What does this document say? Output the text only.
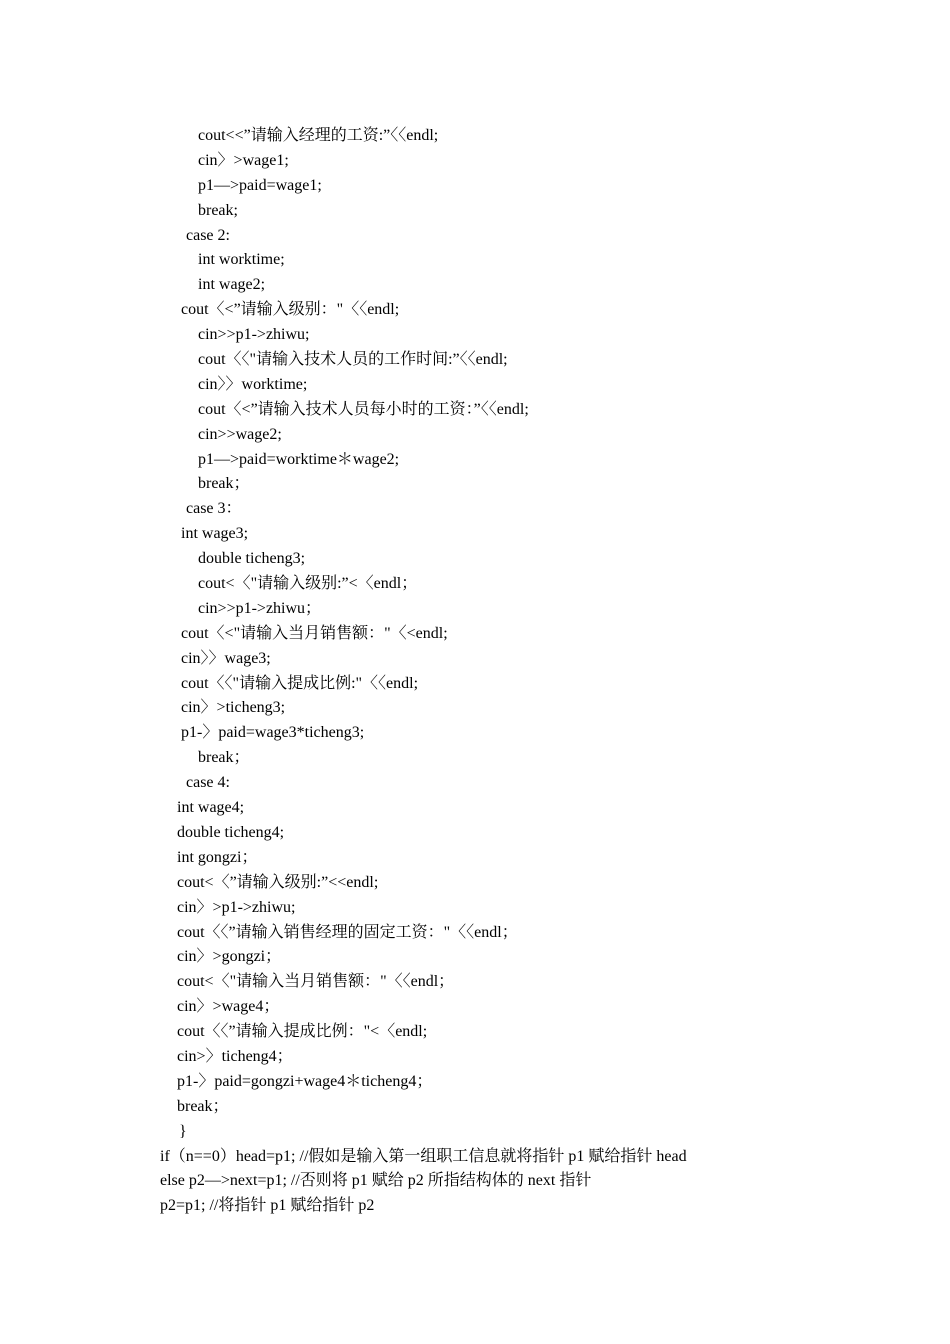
cout<<”请输入经理的工资:”〈〈endl;
cin〉>wage1;
p1—>paid=wage1;
break;
case 2:
int worktime;
int wage2;
cout〈<”请输入级别："〈〈endl;
cin>>p1->zhiwu;
cout〈〈"请输入技术人员的工作时间:”〈〈endl;
cin〉〉worktime;
cout〈<”请输入技术人员每小时的工资：”〈〈endl;
cin>>wage2;
p1—>paid=worktime＊wage2;
break；
case 3：
int wage3;
double ticheng3;
cout<〈"请输入级别:”<〈endl；
cin>>p1->zhiwu；
cout〈<"请输入当月销售额："〈<endl;
cin〉〉wage3;
cout〈〈"请输入提成比例:"〈〈endl;
cin〉>ticheng3;
p1-〉paid=wage3*ticheng3;
break；
case 4:
int wage4;
double ticheng4;
int gongzi；
cout<〈”请输入级别:”<<endl;
cin〉>p1->zhiwu;
cout〈〈”请输入销售经理的固定工资："〈〈endl；
cin〉>gongzi；
cout<〈"请输入当月销售额："〈〈endl；
cin〉>wage4；
cout〈〈”请输入提成比例："<〈endl;
cin>〉ticheng4；
p1-〉paid=gongzi+wage4＊ticheng4；
break；
}
if（n==0）head=p1; //假如是输入第一组职工信息就将指针 p1 赋给指针 head
else p2—>next=p1; //否则将 p1 赋给 p2 所指结构体的 next 指针
p2=p1; //将指针 p1 赋给指针 p2
